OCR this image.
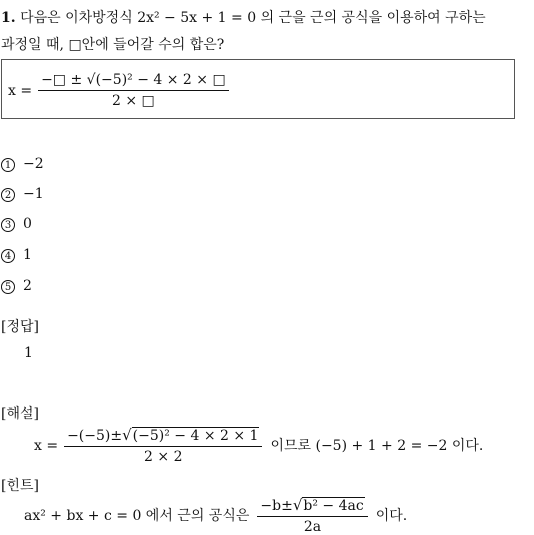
1. 다음은 이차방정식 2x² − 5x + 1 = 0 의 근을 근의 공식을 이용하여 구하는
과정일 때, □안에 들어갈 수의 합은?
$x = \frac{\text{−□ ± √(−5)² − 4 × 2 × □}}{2 \times □}$
1 −2
2 −1
3 0
4 1
5 2
[정답]
1
[해설]
$x = \frac{\text{−(−5)±√(−5)² − 4 × 2 × 1}}{2 \times 2}$ 이므로 (−5) + 1 + 2 = −2 이다.
[힌트]
ax² + bx + c = 0 에서 근의 공식은 $\frac{\text{−b±√b² − 4ac}}{2a}$ 이다.
